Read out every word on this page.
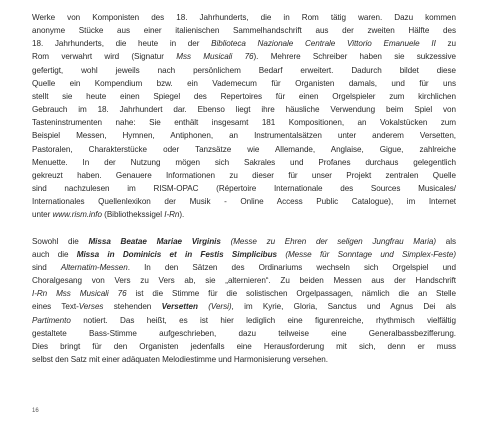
Werke von Komponisten des 18. Jahrhunderts, die in Rom tätig waren. Dazu kommen
anonyme Stücke aus einer italienischen Sammelhandschrift aus der zweiten Hälfte des
18. Jahrhunderts, die heute in der Biblioteca Nazionale Centrale Vittorio Emanuele II zu
Rom verwahrt wird (Signatur Mss Musicali 76). Mehrere Schreiber haben sie sukzessive
gefertigt, wohl jeweils nach persönlichem Bedarf erweitert. Dadurch bildet diese
Quelle ein Kompendium bzw. ein Vademecum für Organisten damals, und für uns
stellt sie heute einen Spiegel des Repertoires für einen Orgelspieler zum kirchlichen
Gebrauch im 18. Jahrhundert dar. Ebenso liegt ihre häusliche Verwendung beim Spiel von
Tasteninstrumenten nahe: Sie enthält insgesamt 181 Kompositionen, an Vokalstücken zum
Beispiel Messen, Hymnen, Antiphonen, an Instrumentalsätzen unter anderem Versetten,
Pastoralen, Charakterstücke oder Tanzsätze wie Allemande, Anglaise, Gigue, zahlreiche
Menuette. In der Nutzung mögen sich Sakrales und Profanes durchaus gelegentlich
gekreuzt haben. Genauere Informationen zu dieser für unser Projekt zentralen Quelle
sind nachzulesen im RISM-OPAC (Répertoire Internationale des Sources Musicales/
Internationales Quellenlexikon der Musik - Online Access Public Catalogue), im Internet
unter www.rism.info (Bibliothekssigel I-Rn).
Sowohl die Missa Beatae Mariae Virginis (Messe zu Ehren der seligen Jungfrau Maria) als
auch die Missa in Dominicis et in Festis Simplicibus (Messe für Sonntage und Simplex-Feste)
sind Alternatim-Messen. In den Sätzen des Ordinariums wechseln sich Orgelspiel und
Choralgesang von Vers zu Vers ab, sie „alternieren“. Zu beiden Messen aus der Handschrift
I-Rn Mss Musicali 76 ist die Stimme für die solistischen Orgelpassagen, nämlich die an Stelle
eines Text-Verses stehenden Versetten (Versi), im Kyrie, Gloria, Sanctus und Agnus Dei als
Partimento notiert. Das heißt, es ist hier lediglich eine figurenreiche, rhythmisch vielfältig
gestaltete Bass-Stimme aufgeschrieben, dazu teilweise eine Generalbassbezifferung.
Dies bringt für den Organisten jedenfalls eine Herausforderung mit sich, denn er muss
selbst den Satz mit einer adäquaten Melodiestimme und Harmonisierung versehen.
16
